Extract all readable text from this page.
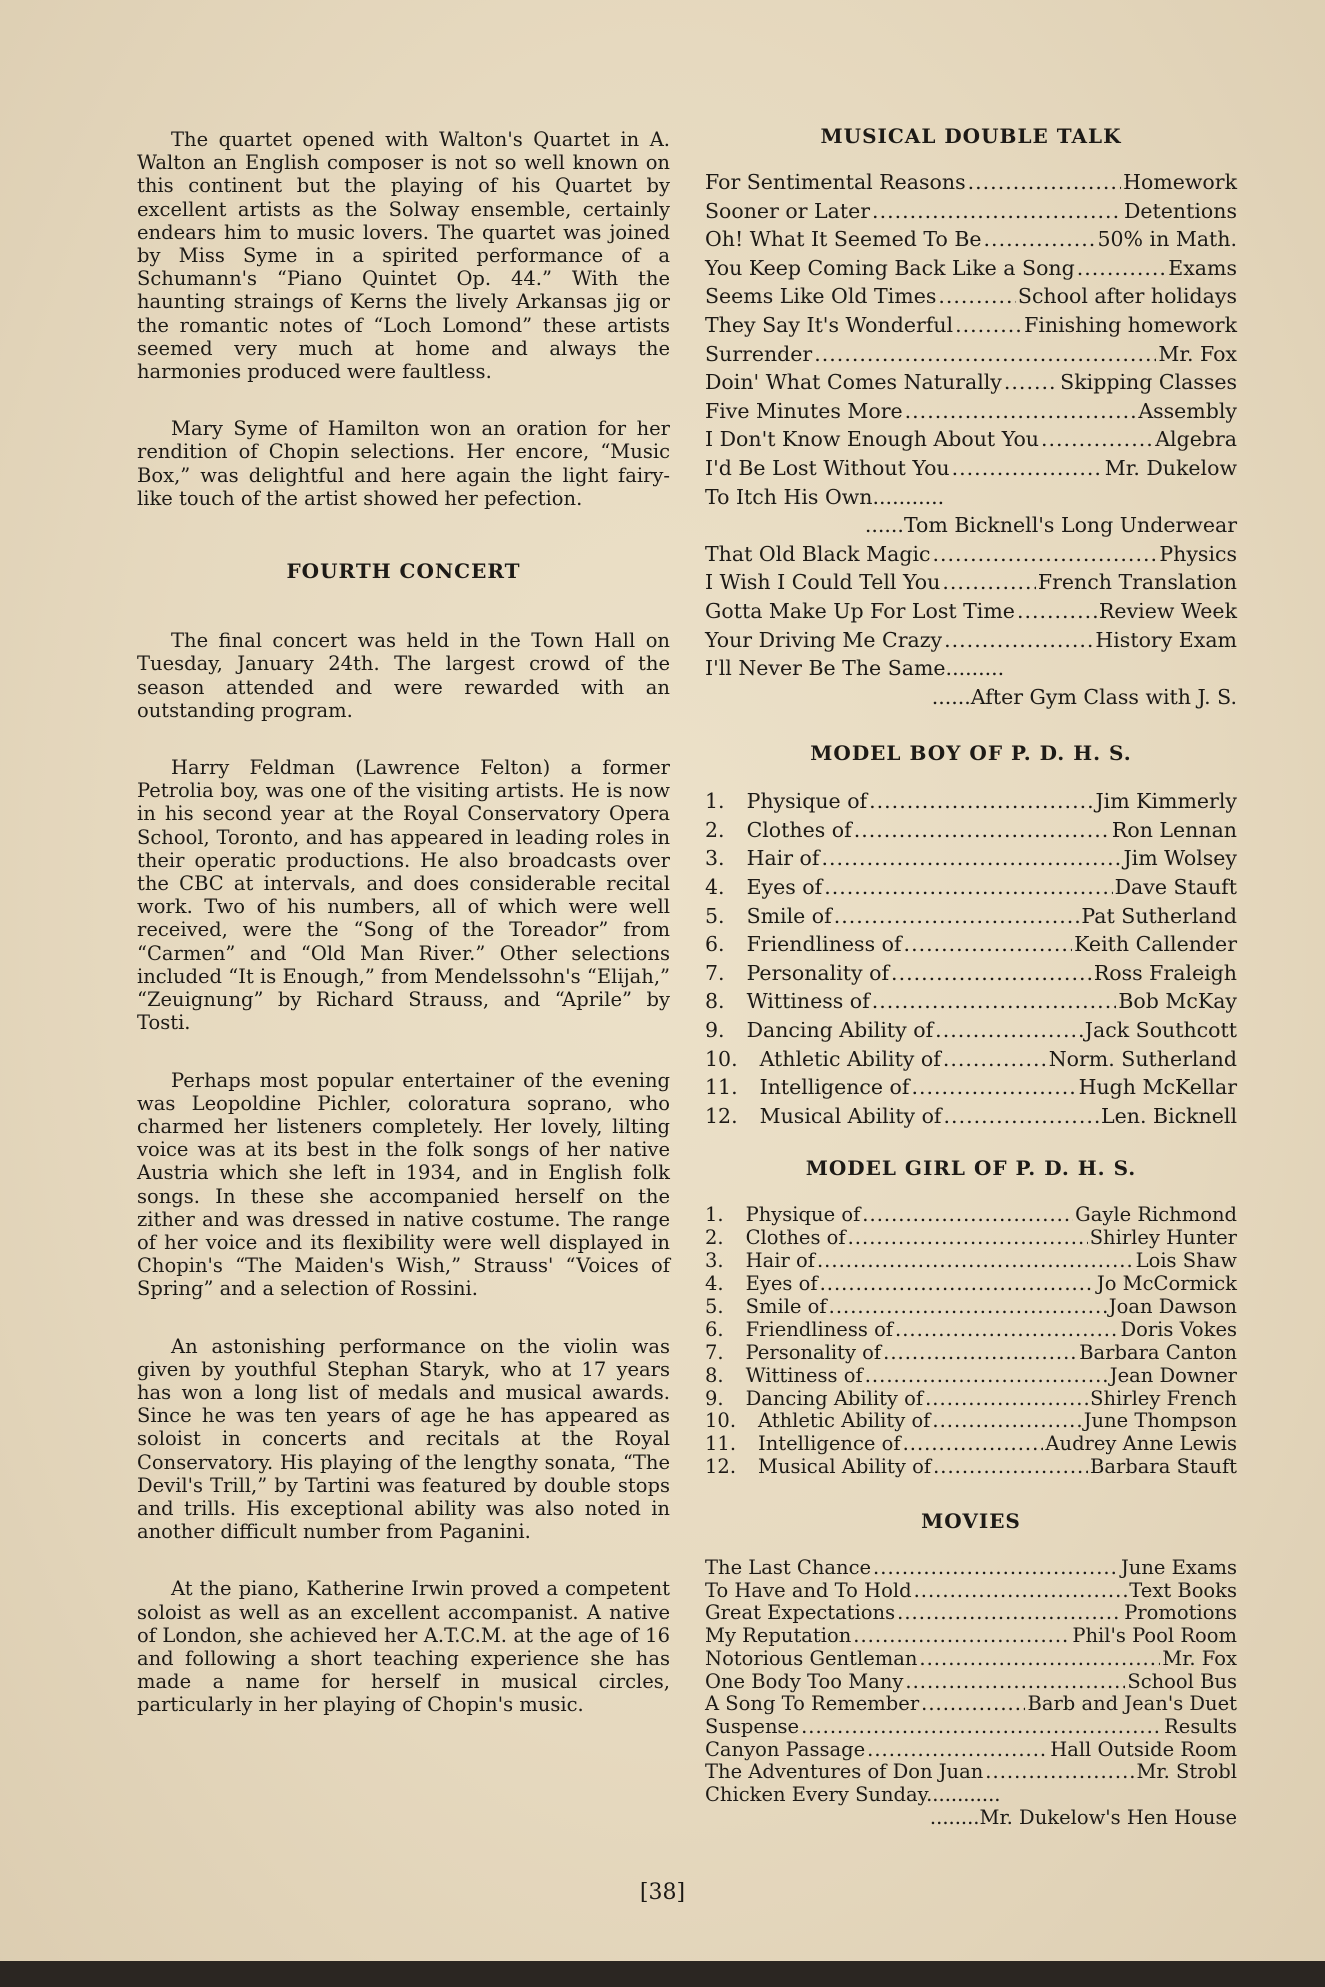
The quartet opened with Walton's Quartet in A. Walton an English composer is not so well known on this continent but the playing of his Quartet by excellent artists as the Solway ensemble, certainly endears him to music lovers. The quartet was joined by Miss Syme in a spirited performance of a Schumann's “Piano Quintet Op. 44.” With the haunting straings of Kerns the lively Arkansas jig or the romantic notes of “Loch Lomond” these artists seemed very much at home and always the harmonies produced were faultless.

Mary Syme of Hamilton won an oration for her rendition of Chopin selections. Her encore, “Music Box,” was delightful and here again the light fairy-like touch of the artist showed her pefection.

FOURTH CONCERT

The final concert was held in the Town Hall on Tuesday, January 24th. The largest crowd of the season attended and were rewarded with an outstanding program.

Harry Feldman (Lawrence Felton) a former Petrolia boy, was one of the visiting artists. He is now in his second year at the Royal Conservatory Opera School, Toronto, and has appeared in leading roles in their operatic productions. He also broadcasts over the CBC at intervals, and does considerable recital work. Two of his numbers, all of which were well received, were the “Song of the Toreador” from “Carmen” and “Old Man River.” Other selections included “It is Enough,” from Mendelssohn's “Elijah,” “Zeuignung” by Richard Strauss, and “Aprile” by Tosti.

Perhaps most popular entertainer of the evening was Leopoldine Pichler, coloratura soprano, who charmed her listeners completely. Her lovely, lilting voice was at its best in the folk songs of her native Austria which she left in 1934, and in English folk songs. In these she accompanied herself on the zither and was dressed in native costume. The range of her voice and its flexibility were well displayed in Chopin's “The Maiden's Wish,” Strauss' “Voices of Spring” and a selection of Rossini.

An astonishing performance on the violin was given by youthful Stephan Staryk, who at 17 years has won a long list of medals and musical awards. Since he was ten years of age he has appeared as soloist in concerts and recitals at the Royal Conservatory. His playing of the lengthy sonata, “The Devil's Trill,” by Tartini was featured by double stops and trills. His exceptional ability was also noted in another difficult number from Paganini.

At the piano, Katherine Irwin proved a competent soloist as well as an excellent accompanist. A native of London, she achieved her A.T.C.M. at the age of 16 and following a short teaching experience she has made a name for herself in musical circles, particularly in her playing of Chopin's music.

MUSICAL DOUBLE TALK
For Sentimental Reasons .....	Homework
Sooner or Later .....	Detentions
Oh! What It Seemed To Be .....	50% in Math.
You Keep Coming Back Like a Song .....	Exams
Seems Like Old Times .....	School after holidays
They Say It's Wonderful .....	Finishing homework
Surrender .....	Mr. Fox
Doin' What Comes Naturally .....	Skipping Classes
Five Minutes More .....	Assembly
I Don't Know Enough About You .....	Algebra
I'd Be Lost Without You .....	Mr. Dukelow
To Itch His Own...........
......Tom Bicknell's Long Underwear
That Old Black Magic .....	Physics
I Wish I Could Tell You .....	French Translation
Gotta Make Up For Lost Time .....	Review Week
Your Driving Me Crazy .....	History Exam
I'll Never Be The Same.........
......After Gym Class with J. S.
MODEL BOY OF P. D. H. S.
1. Physique of .....	Jim Kimmerly
2. Clothes of .....	Ron Lennan
3. Hair of .....	Jim Wolsey
4. Eyes of .....	Dave Stauft
5. Smile of .....	Pat Sutherland
6. Friendliness of .....	Keith Callender
7. Personality of .....	Ross Fraleigh
8. Wittiness of .....	Bob McKay
9. Dancing Ability of .....	Jack Southcott
10. Athletic Ability of .....	Norm. Sutherland
11. Intelligence of .....	Hugh McKellar
12. Musical Ability of .....	Len. Bicknell
MODEL GIRL OF P. D. H. S.
1. Physique of .....	Gayle Richmond
2. Clothes of .....	Shirley Hunter
3. Hair of .....	Lois Shaw
4. Eyes of .....	Jo McCormick
5. Smile of .....	Joan Dawson
6. Friendliness of .....	Doris Vokes
7. Personality of .....	Barbara Canton
8. Wittiness of .....	Jean Downer
9. Dancing Ability of .....	Shirley French
10. Athletic Ability of .....	June Thompson
11. Intelligence of .....	Audrey Anne Lewis
12. Musical Ability of .....	Barbara Stauft
MOVIES
The Last Chance .....	June Exams
To Have and To Hold .....	Text Books
Great Expectations .....	Promotions
My Reputation .....	Phil's Pool Room
Notorious Gentleman .....	Mr. Fox
One Body Too Many .....	School Bus
A Song To Remember .....	Barb and Jean's Duet
Suspense .....	Results
Canyon Passage .....	Hall Outside Room
The Adventures of Don Juan .....	Mr. Strobl
Chicken Every Sunday............
........Mr. Dukelow's Hen House
[38]
